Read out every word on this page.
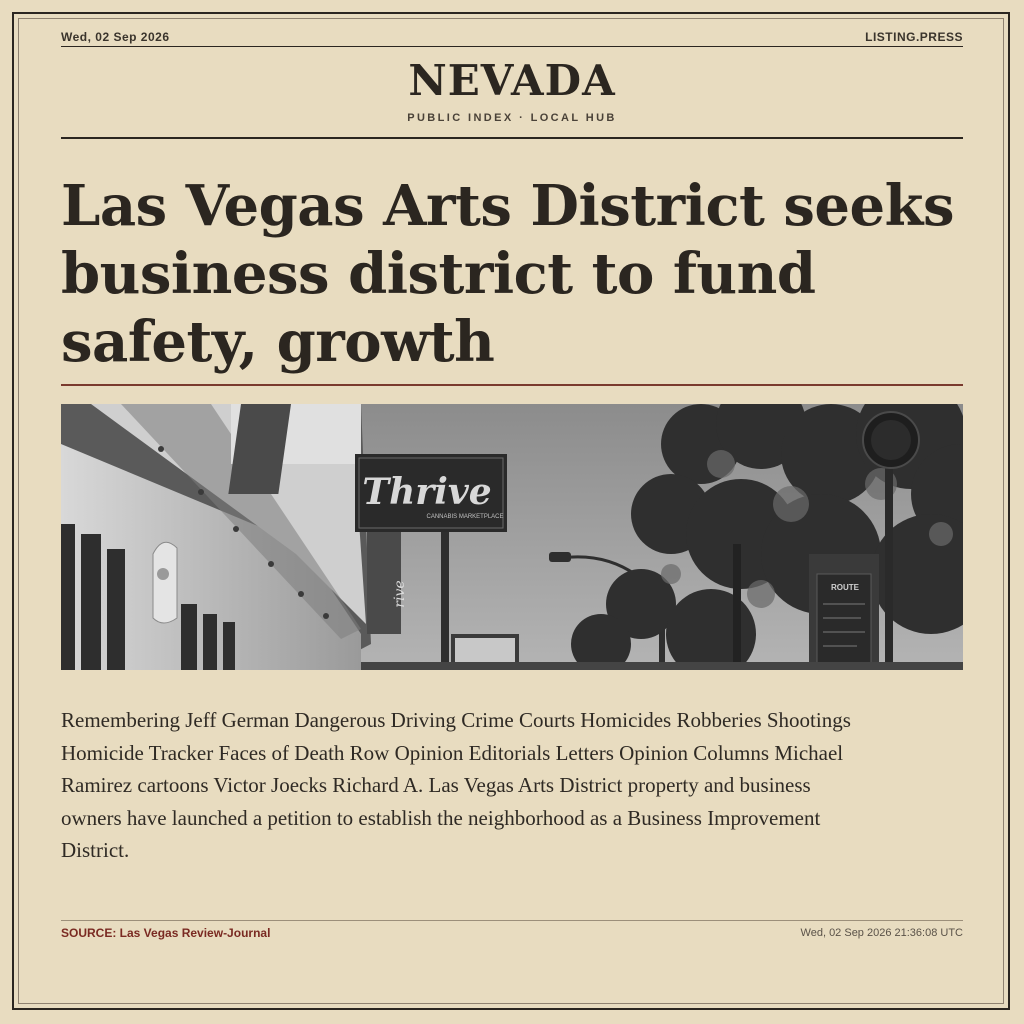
Wed, 02 Sep 2026	LISTING.PRESS
NEVADA
PUBLIC INDEX · LOCAL HUB
Las Vegas Arts District seeks business district to fund safety, growth
rive
Thrive
CANNABIS MARKETPLACE
ROUTE

Remembering Jeff German Dangerous Driving Crime Courts Homicides Robberies Shootings Homicide Tracker Faces of Death Row Opinion Editorials Letters Opinion Columns Michael Ramirez cartoons Victor Joecks Richard A. Las Vegas Arts District property and business owners have launched a petition to establish the neighborhood as a Business Improvement District.

SOURCE: Las Vegas Review-Journal	Wed, 02 Sep 2026 21:36:08 UTC
